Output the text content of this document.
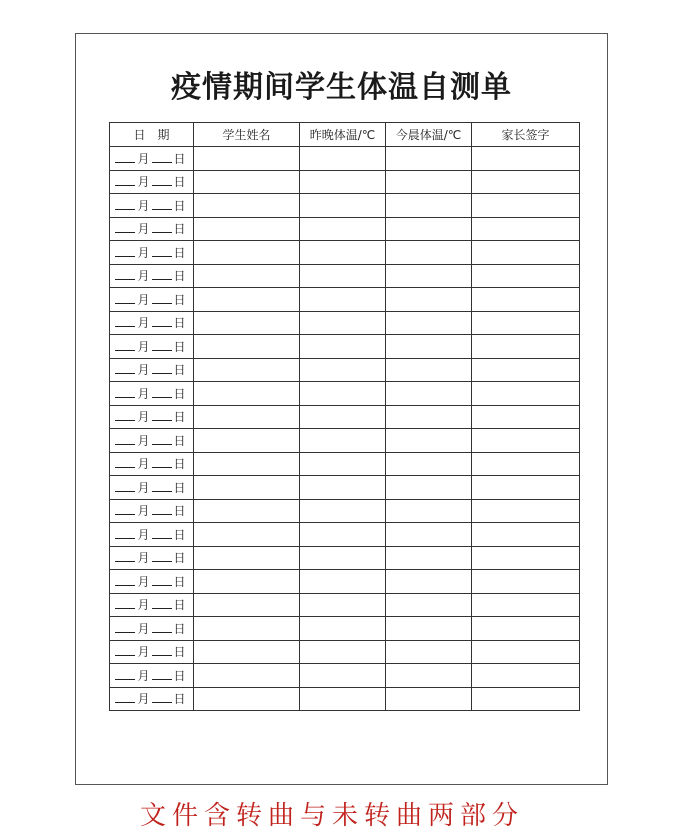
疫情期间学生体温自测单
日　期	学生姓名	昨晚体温/℃	今晨体温/℃	家长签字
月 日				
月 日				
月 日				
月 日				
月 日				
月 日				
月 日				
月 日				
月 日				
月 日				
月 日				
月 日				
月 日				
月 日				
月 日				
月 日				
月 日				
月 日				
月 日				
月 日				
月 日				
月 日				
月 日				
月 日				
文件含转曲与未转曲两部分
